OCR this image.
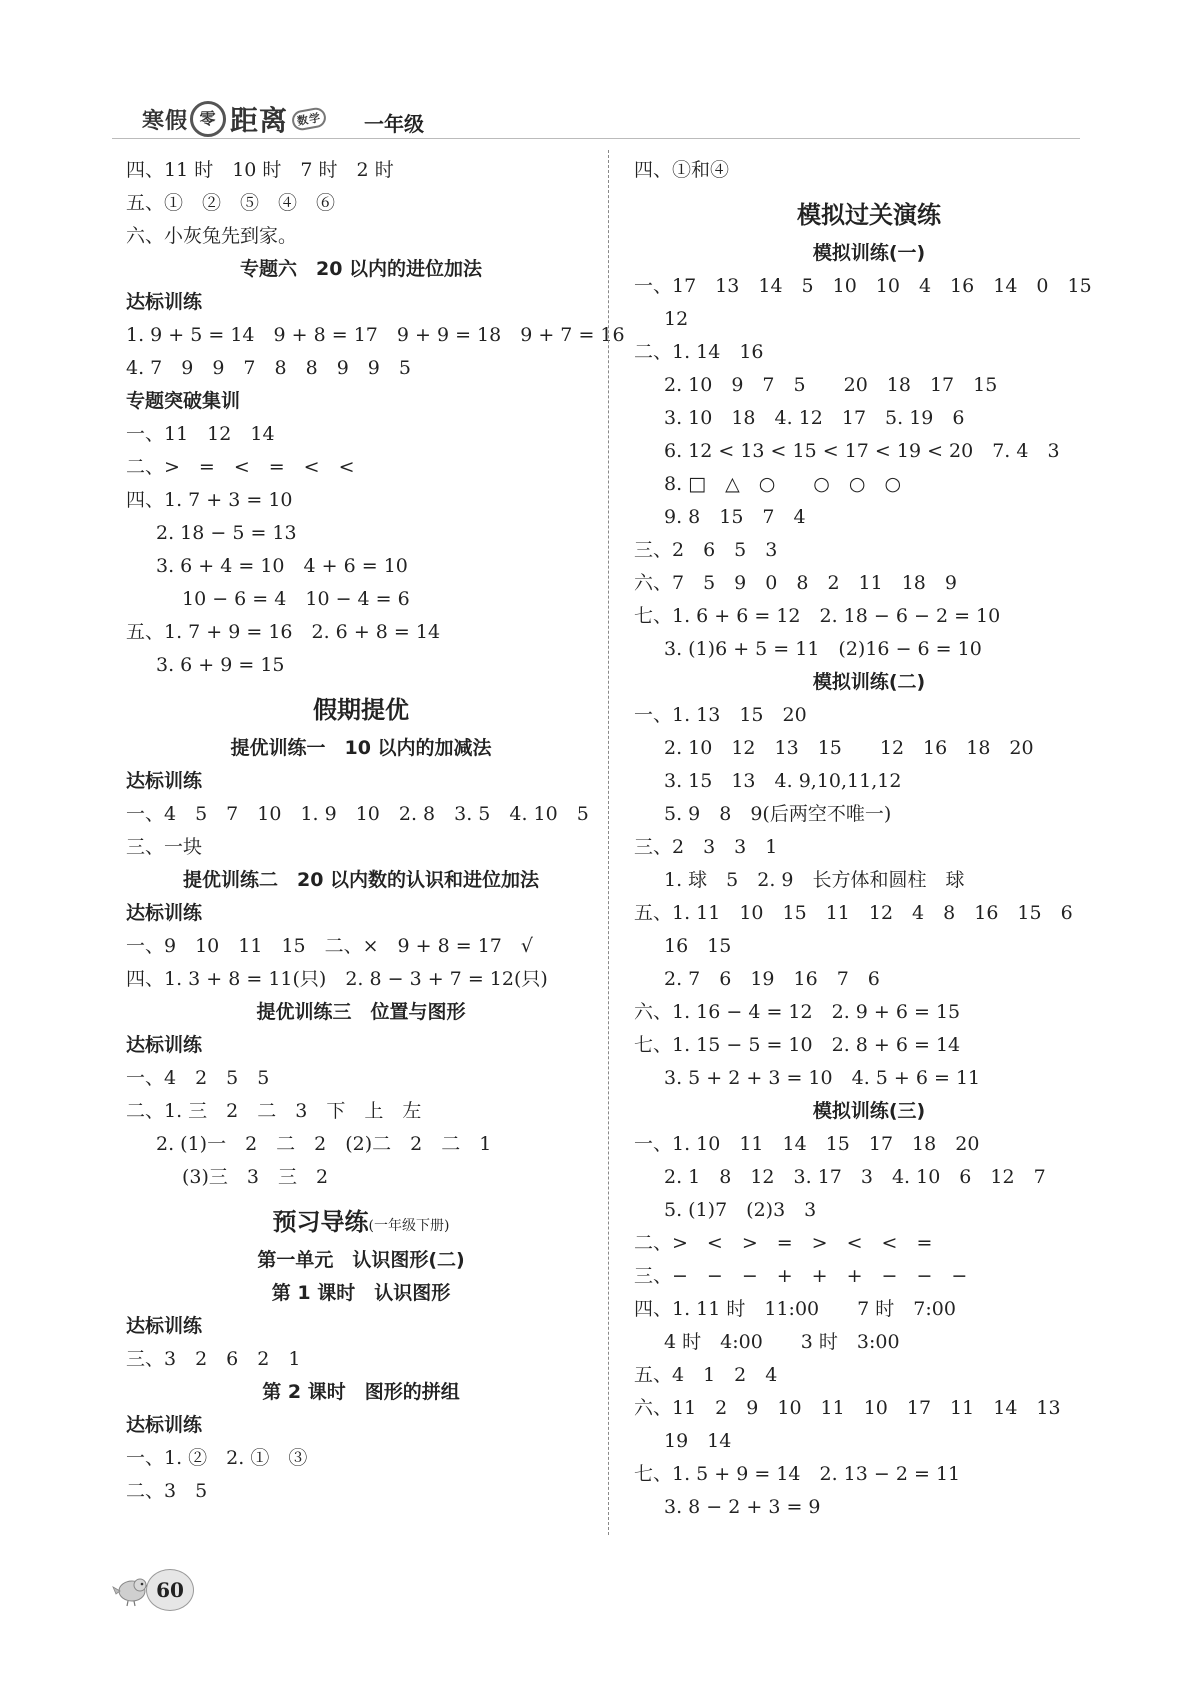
寒假 零 距离 数学 一年级
四、11 时　10 时　7 时　2 时
五、①　②　⑤　④　⑥
六、小灰兔先到家。
专题六　20 以内的进位加法
达标训练
1. 9 + 5 = 14　9 + 8 = 17　9 + 9 = 18　9 + 7 = 16
4. 7　9　9　7　8　8　9　9　5
专题突破集训
一、11　12　14
二、>　=　<　=　<　<
四、1. 7 + 3 = 10
2. 18 − 5 = 13
3. 6 + 4 = 10　4 + 6 = 10
10 − 6 = 4　10 − 4 = 6
五、1. 7 + 9 = 16　2. 6 + 8 = 14
3. 6 + 9 = 15
假期提优
提优训练一　10 以内的加减法
达标训练
一、4　5　7　10　1. 9　10　2. 8　3. 5　4. 10　5
三、一块
提优训练二　20 以内数的认识和进位加法
达标训练
一、9　10　11　15　二、×　9 + 8 = 17　√
四、1. 3 + 8 = 11(只)　2. 8 − 3 + 7 = 12(只)
提优训练三　位置与图形
达标训练
一、4　2　5　5
二、1. 三　2　二　3　下　上　左
2. (1)一　2　二　2　(2)二　2　二　1
(3)三　3　三　2
预习导练(一年级下册)
第一单元　认识图形(二)
第 1 课时　认识图形
达标训练
三、3　2　6　2　1
第 2 课时　图形的拼组
达标训练
一、1. ②　2. ①　③
二、3　5
四、①和④
模拟过关演练
模拟训练(一)
一、17　13　14　5　10　10　4　16　14　0　15
12
二、1. 14　16
2. 10　9　7　5　　20　18　17　15
3. 10　18　4. 12　17　5. 19　6
6. 12 < 13 < 15 < 17 < 19 < 20　7. 4　3
8. □　△　○　　○　○　○
9. 8　15　7　4
三、2　6　5　3
六、7　5　9　0　8　2　11　18　9
七、1. 6 + 6 = 12　2. 18 − 6 − 2 = 10
3. (1)6 + 5 = 11　(2)16 − 6 = 10
模拟训练(二)
一、1. 13　15　20
2. 10　12　13　15　　12　16　18　20
3. 15　13　4. 9,10,11,12
5. 9　8　9(后两空不唯一)
三、2　3　3　1
1. 球　5　2. 9　长方体和圆柱　球
五、1. 11　10　15　11　12　4　8　16　15　6
16　15
2. 7　6　19　16　7　6
六、1. 16 − 4 = 12　2. 9 + 6 = 15
七、1. 15 − 5 = 10　2. 8 + 6 = 14
3. 5 + 2 + 3 = 10　4. 5 + 6 = 11
模拟训练(三)
一、1. 10　11　14　15　17　18　20
2. 1　8　12　3. 17　3　4. 10　6　12　7
5. (1)7　(2)3　3
二、>　<　>　=　>　<　<　=
三、−　−　−　+　+　+　−　−　−
四、1. 11 时　11:00　　7 时　7:00
4 时　4:00　　3 时　3:00
五、4　1　2　4
六、11　2　9　10　11　10　17　11　14　13
19　14
七、1. 5 + 9 = 14　2. 13 − 2 = 11
3. 8 − 2 + 3 = 9
60
